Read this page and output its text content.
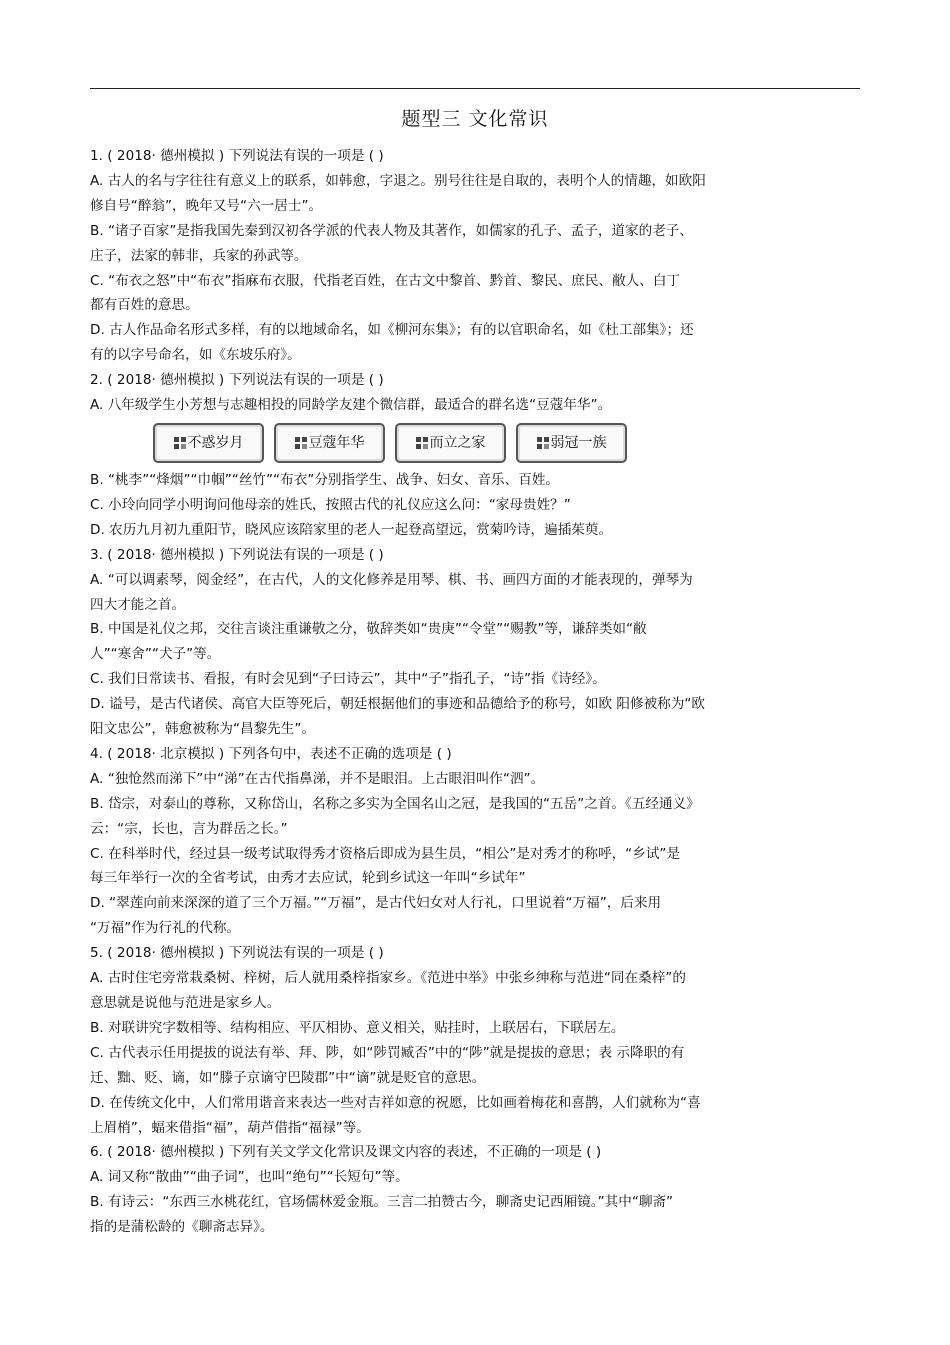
题型三 文化常识
1. ( 2018· 德州模拟 ) 下列说法有误的一项是 ( )
A. 古人的名与字往往有意义上的联系，如韩愈，字退之。别号往往是自取的，表明个人的情趣，如欧阳
修自号“醉翁”，晚年又号“六一居士”。
B. “诸子百家”是指我国先秦到汉初各学派的代表人物及其著作，如儒家的孔子、孟子，道家的老子、
庄子，法家的韩非，兵家的孙武等。
C. “布衣之怒”中“布衣”指麻布衣服，代指老百姓，在古文中黎首、黔首、黎民、庶民、敝人、白丁
都有百姓的意思。
D. 古人作品命名形式多样，有的以地域命名，如《柳河东集》；有的以官职命名，如《杜工部集》；还
有的以字号命名，如《东坡乐府》。
2. ( 2018· 德州模拟 ) 下列说法有误的一项是 ( )
A. 八年级学生小芳想与志趣相投的同龄学友建个微信群，最适合的群名选“豆蔻年华”。
不惑岁月	豆蔻年华	而立之家	弱冠一族
B. “桃李”“烽烟”“巾帼”“丝竹”“布衣”分别指学生、战争、妇女、音乐、百姓。
C. 小玲向同学小明询问他母亲的姓氏，按照古代的礼仪应这么问：“家母贵姓？”
D. 农历九月初九重阳节，晓风应该陪家里的老人一起登高望远，赏菊吟诗，遍插茱萸。
3. ( 2018· 德州模拟 ) 下列说法有误的一项是 ( )
A. “可以调素琴，阅金经”，在古代，人的文化修养是用琴、棋、书、画四方面的才能表现的，弹琴为
四大才能之首。
B. 中国是礼仪之邦，交往言谈注重谦敬之分，敬辞类如“贵庚”“令堂”“赐教”等，谦辞类如“敝
人”“寒舍”“犬子”等。
C. 我们日常读书、看报，有时会见到“子曰诗云”，其中“子”指孔子，“诗”指《诗经》。
D. 谥号，是古代诸侯、高官大臣等死后，朝廷根据他们的事迹和品德给予的称号，如欧 阳修被称为“欧
阳文忠公”，韩愈被称为“昌黎先生”。
4. ( 2018· 北京模拟 ) 下列各句中，表述不正确的选项是 ( )
A. “独怆然而涕下”中“涕”在古代指鼻涕，并不是眼泪。上古眼泪叫作“泗”。
B. 岱宗，对泰山的尊称，又称岱山，名称之多实为全国名山之冠，是我国的“五岳”之首。《五经通义》
云：“宗，长也，言为群岳之长。”
C. 在科举时代，经过县一级考试取得秀才资格后即成为县生员，“相公”是对秀才的称呼，“乡试”是
每三年举行一次的全省考试，由秀才去应试，轮到乡试这一年叫“乡试年”
D. “翠莲向前来深深的道了三个万福。”“万福”，是古代妇女对人行礼，口里说着“万福”，后来用
“万福”作为行礼的代称。
5. ( 2018· 德州模拟 ) 下列说法有误的一项是 ( )
A. 古时住宅旁常栽桑树、梓树，后人就用桑梓指家乡。《范进中举》中张乡绅称与范进“同在桑梓”的
意思就是说他与范进是家乡人。
B. 对联讲究字数相等、结构相应、平仄相协、意义相关，贴挂时，上联居右，下联居左。
C. 古代表示任用提拔的说法有举、拜、陟，如“陟罚臧否”中的“陟”就是提拔的意思；表 示降职的有
迁、黜、贬、谪，如“滕子京谪守巴陵郡”中“谪”就是贬官的意思。
D. 在传统文化中，人们常用谐音来表达一些对吉祥如意的祝愿，比如画着梅花和喜鹊，人们就称为“喜
上眉梢”，蝠来借指“福”，葫芦借指“福禄”等。
6. ( 2018· 德州模拟 ) 下列有关文学文化常识及课文内容的表述，不正确的一项是 ( )
A. 词又称“散曲”“曲子词”，也叫“绝句”“长短句”等。
B. 有诗云：“东西三水桃花红，官场儒林爱金瓶。三言二拍赞古今，聊斋史记西厢镜。”其中“聊斋”
指的是蒲松龄的《聊斋志异》。
